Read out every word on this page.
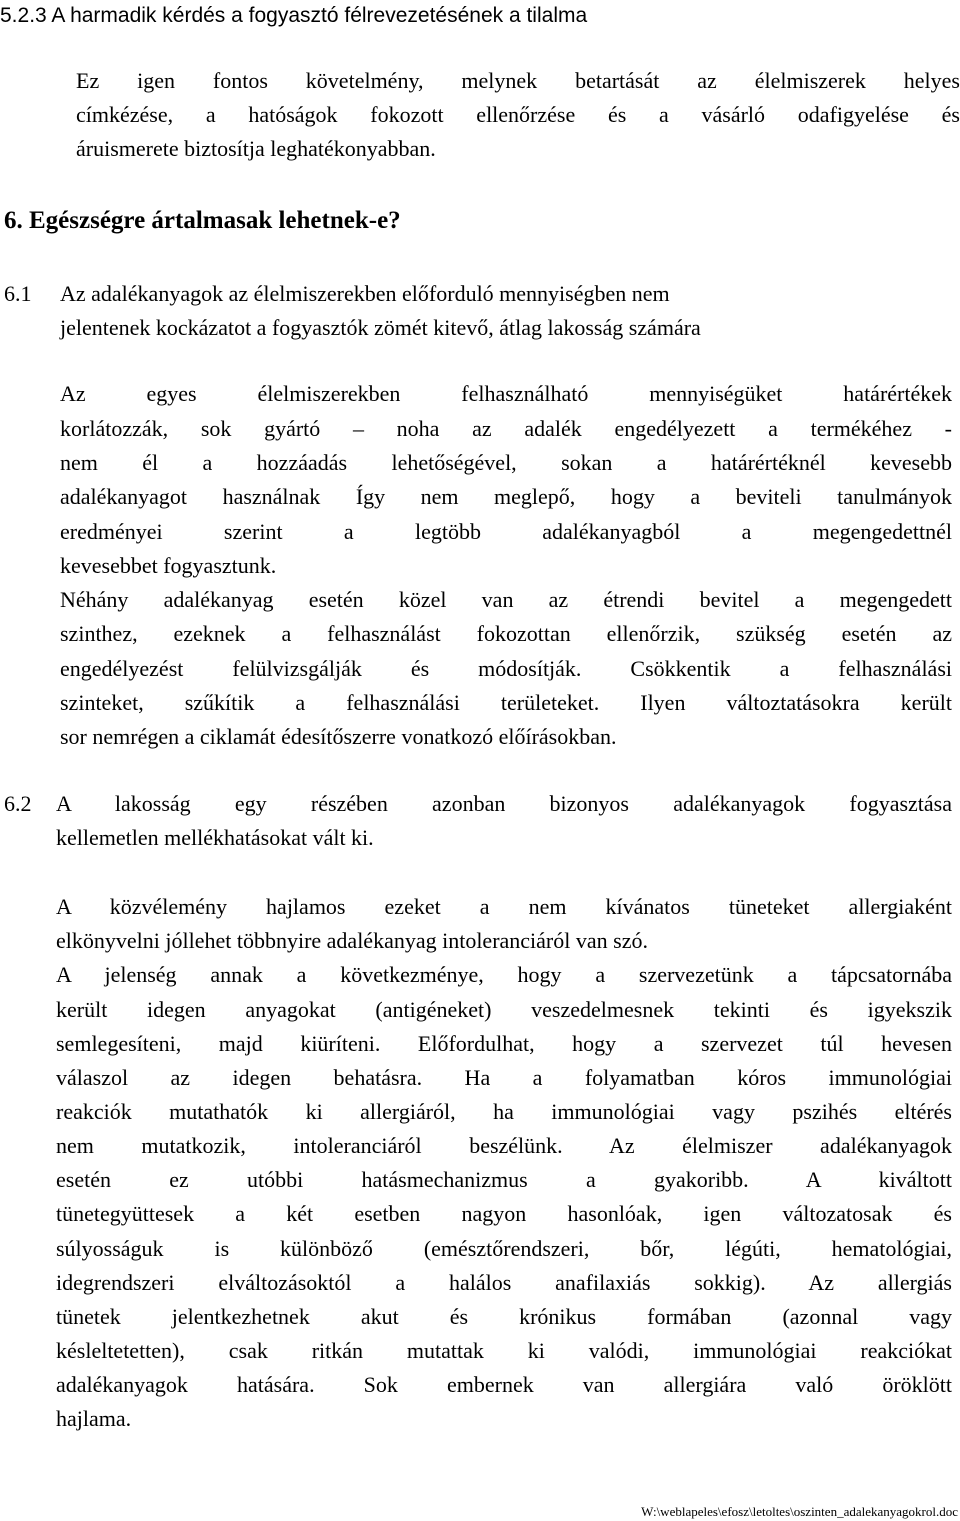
5.2.3 A harmadik kérdés a fogyasztó félrevezetésének a tilalma

Ez igen fontos követelmény, melynek betartását az élelmiszerek helyes

címkézése, a hatóságok fokozott ellenőrzése és a vásárló odafigyelése és

áruismerete biztosítja leghatékonyabban.

6. Egészségre ártalmasak lehetnek-e?

6.1 Az adalékanyagok az élelmiszerekben előforduló mennyiségben nem

jelentenek kockázatot a fogyasztók zömét kitevő, átlag lakosság számára

Az egyes élelmiszerekben felhasználható mennyiségüket határértékek

korlátozzák, sok gyártó – noha az adalék engedélyezett a termékéhez -

nem él a hozzáadás lehetőségével, sokan a határértéknél kevesebb

adalékanyagot használnak Így nem meglepő, hogy a beviteli tanulmányok

eredményei szerint a legtöbb adalékanyagból a megengedettnél

kevesebbet fogyasztunk.

Néhány adalékanyag esetén közel van az étrendi bevitel a megengedett

szinthez, ezeknek a felhasználást fokozottan ellenőrzik, szükség esetén az

engedélyezést felülvizsgálják és módosítják. Csökkentik a felhasználási

szinteket, szűkítik a felhasználási területeket. Ilyen változtatásokra került

sor nemrégen a ciklamát édesítőszerre vonatkozó előírásokban.

6.2 A lakosság egy részében azonban bizonyos adalékanyagok fogyasztása

kellemetlen mellékhatásokat vált ki.

A közvélemény hajlamos ezeket a nem kívánatos tüneteket allergiaként

elkönyvelni jóllehet többnyire adalékanyag intoleranciáról van szó.

A jelenség annak a következménye, hogy a szervezetünk a tápcsatornába

került idegen anyagokat (antigéneket) veszedelmesnek tekinti és igyekszik

semlegesíteni, majd kiüríteni. Előfordulhat, hogy a szervezet túl hevesen

válaszol az idegen behatásra. Ha a folyamatban kóros immunológiai

reakciók mutathatók ki allergiáról, ha immunológiai vagy pszihés eltérés

nem mutatkozik, intoleranciáról beszélünk. Az élelmiszer adalékanyagok

esetén ez utóbbi hatásmechanizmus a gyakoribb. A kiváltott

tünetegyüttesek a két esetben nagyon hasonlóak, igen változatosak és

súlyosságuk is különböző (emésztőrendszeri, bőr, légúti, hematológiai,

idegrendszeri elváltozásoktól a halálos anafilaxiás sokkig). Az allergiás

tünetek jelentkezhetnek akut és krónikus formában (azonnal vagy

késleltetetten), csak ritkán mutattak ki valódi, immunológiai reakciókat

adalékanyagok hatására. Sok embernek van allergiára való öröklött

hajlama.

W:\weblapeles\efosz\letoltes\oszinten_adalekanyagokrol.doc
